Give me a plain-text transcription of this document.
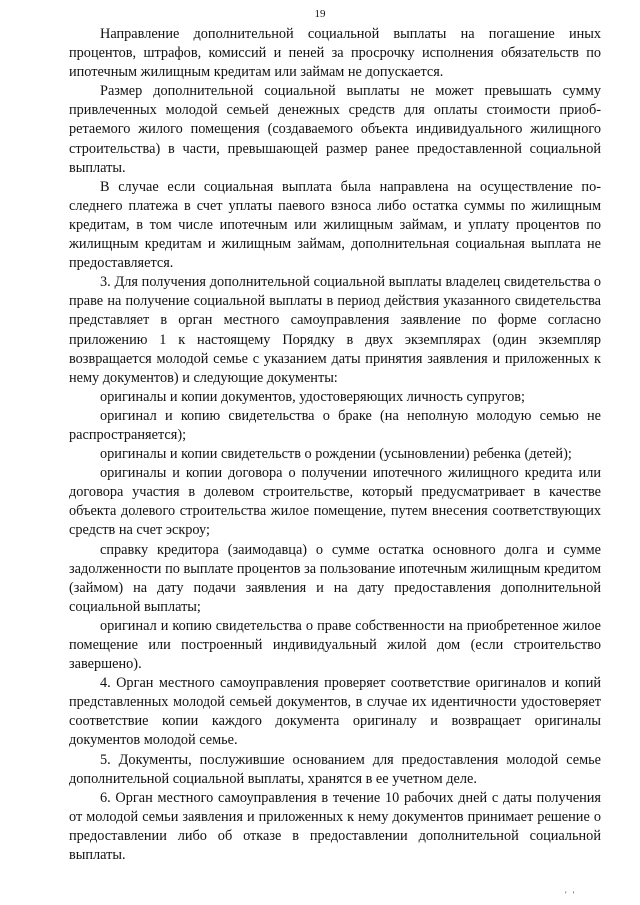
19

Направление дополнительной социальной выплаты на погашение иных процентов, штрафов, комиссий и пеней за просрочку исполнения обязательств по ипотечным жилищным кредитам или займам не допускается.

Размер дополнительной социальной выплаты не может превышать сумму привлеченных молодой семьей денежных средств для оплаты стоимости приобретаемого жилого помещения (создаваемого объекта индивидуального жилищного строительства) в части, превышающей размер ранее предоставленной социальной выплаты.

В случае если социальная выплата была направлена на осуществление последнего платежа в счет уплаты паевого взноса либо остатка суммы по жилищным кредитам, в том числе ипотечным или жилищным займам, и уплату процентов по жилищным кредитам и жилищным займам, дополнительная социальная выплата не предоставляется.

3. Для получения дополнительной социальной выплаты владелец свидетельства о праве на получение социальной выплаты в период действия указанного свидетельства представляет в орган местного самоуправления заявление по форме согласно приложению 1 к настоящему Порядку в двух экземплярах (один экземпляр возвращается молодой семье с указанием даты принятия заявления и приложенных к нему документов) и следующие документы:

оригиналы и копии документов, удостоверяющих личность супругов;

оригинал и копию свидетельства о браке (на неполную молодую семью не распространяется);

оригиналы и копии свидетельств о рождении (усыновлении) ребенка (детей);

оригиналы и копии договора о получении ипотечного жилищного кредита или договора участия в долевом строительстве, который предусматривает в качестве объекта долевого строительства жилое помещение, путем внесения соответствующих средств на счет эскроу;

справку кредитора (заимодавца) о сумме остатка основного долга и сумме задолженности по выплате процентов за пользование ипотечным жилищным кредитом (займом) на дату подачи заявления и на дату предоставления дополнительной социальной выплаты;

оригинал и копию свидетельства о праве собственности на приобретенное жилое помещение или построенный индивидуальный жилой дом (если строительство завершено).

4. Орган местного самоуправления проверяет соответствие оригиналов и копий представленных молодой семьей документов, в случае их идентичности удостоверяет соответствие копии каждого документа оригиналу и возвращает оригиналы документов молодой семье.

5. Документы, послужившие основанием для предоставления молодой семье дополнительной социальной выплаты, хранятся в ее учетном деле.

6. Орган местного самоуправления в течение 10 рабочих дней с даты получения от молодой семьи заявления и приложенных к нему документов принимает решение о предоставлении либо об отказе в предоставлении дополнительной социальной выплаты.

′′
